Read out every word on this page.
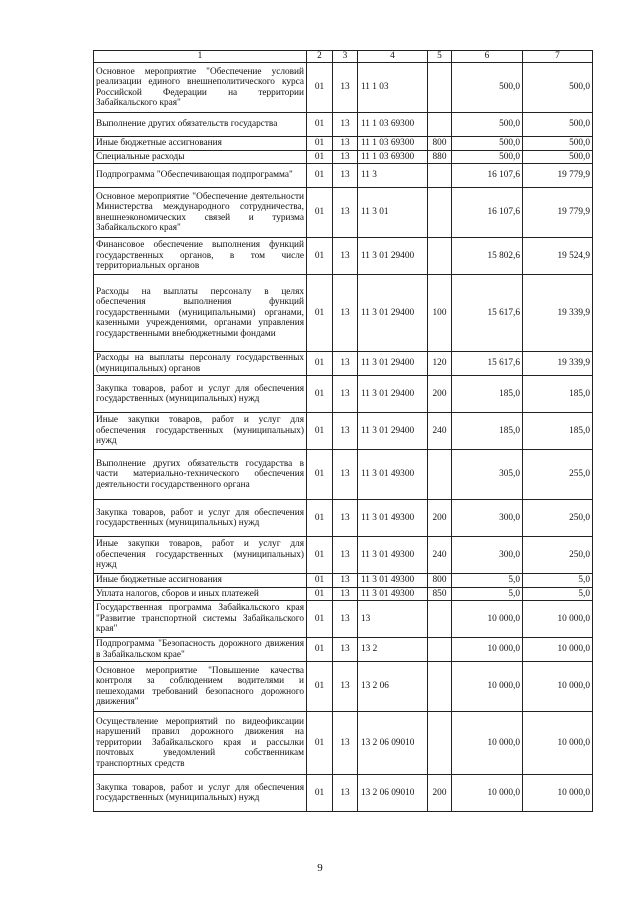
1	2	3	4	5	6	7
Основное мероприятие "Обеспечение условий реализации единого внешнеполитического курса Российской Федерации на территории Забайкальского края"	01	13	11 1 03		500,0	500,0
Выполнение других обязательств государства	01	13	11 1 03 69300		500,0	500,0
Иные бюджетные ассигнования	01	13	11 1 03 69300	800	500,0	500,0
Специальные расходы	01	13	11 1 03 69300	880	500,0	500,0
Подпрограмма "Обеспечивающая подпрограмма"	01	13	11 3		16 107,6	19 779,9
Основное мероприятие "Обеспечение деятельности Министерства международного сотрудничества, внешнеэкономических связей и туризма Забайкальского края"	01	13	11 3 01		16 107,6	19 779,9
Финансовое обеспечение выполнения функций государственных органов, в том числе территориальных органов	01	13	11 3 01 29400		15 802,6	19 524,9
Расходы на выплаты персоналу в целях обеспечения выполнения функций государственными (муниципальными) органами, казенными учреждениями, органами управления государственными внебюджетными фондами	01	13	11 3 01 29400	100	15 617,6	19 339,9
Расходы на выплаты персоналу государственных (муниципальных) органов	01	13	11 3 01 29400	120	15 617,6	19 339,9
Закупка товаров, работ и услуг для обеспечения государственных (муниципальных) нужд	01	13	11 3 01 29400	200	185,0	185,0
Иные закупки товаров, работ и услуг для обеспечения государственных (муниципальных) нужд	01	13	11 3 01 29400	240	185,0	185,0
Выполнение других обязательств государства в части материально-технического обеспечения деятельности государственного органа	01	13	11 3 01 49300		305,0	255,0
Закупка товаров, работ и услуг для обеспечения государственных (муниципальных) нужд	01	13	11 3 01 49300	200	300,0	250,0
Иные закупки товаров, работ и услуг для обеспечения государственных (муниципальных) нужд	01	13	11 3 01 49300	240	300,0	250,0
Иные бюджетные ассигнования	01	13	11 3 01 49300	800	5,0	5,0
Уплата налогов, сборов и иных платежей	01	13	11 3 01 49300	850	5,0	5,0
Государственная программа Забайкальского края "Развитие транспортной системы Забайкальского края"	01	13	13		10 000,0	10 000,0
Подпрограмма "Безопасность дорожного движения в Забайкальском крае"	01	13	13 2		10 000,0	10 000,0
Основное мероприятие "Повышение качества контроля за соблюдением водителями и пешеходами требований безопасного дорожного движения"	01	13	13 2 06		10 000,0	10 000,0
Осуществление мероприятий по видеофиксации нарушений правил дорожного движения на территории Забайкальского края и рассылки почтовых уведомлений собственникам транспортных средств	01	13	13 2 06 09010		10 000,0	10 000,0
Закупка товаров, работ и услуг для обеспечения государственных (муниципальных) нужд	01	13	13 2 06 09010	200	10 000,0	10 000,0
9
